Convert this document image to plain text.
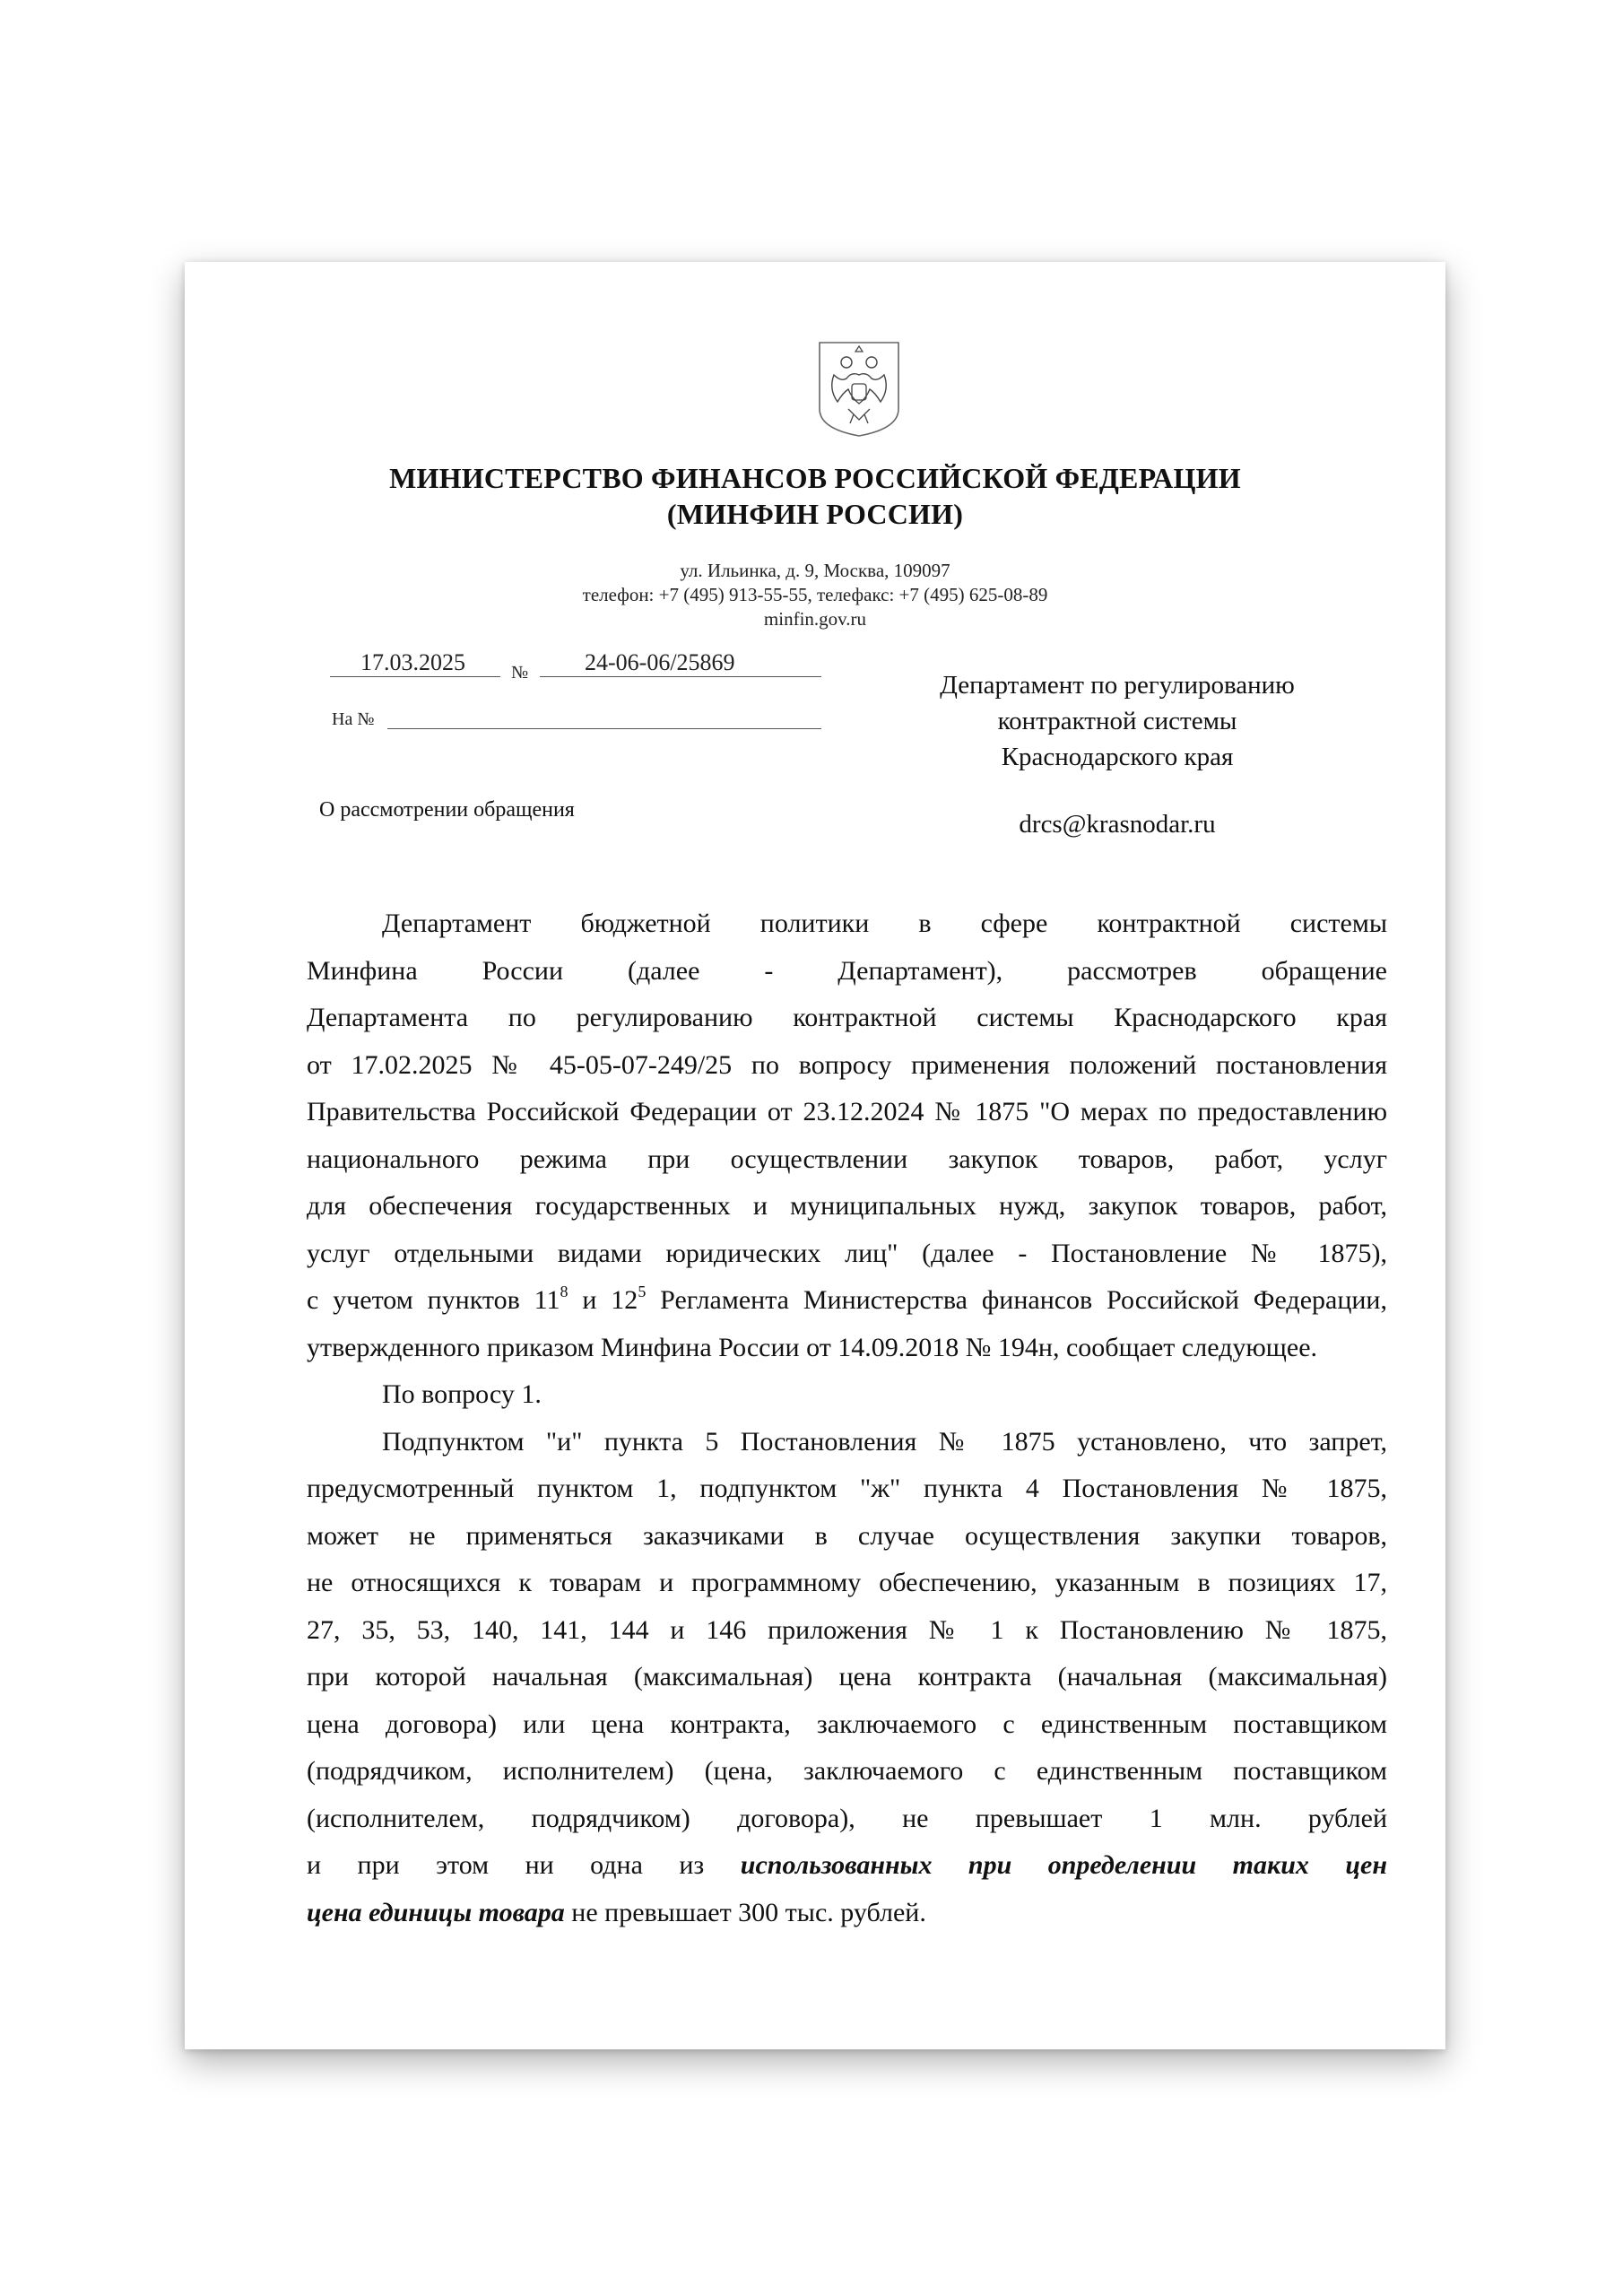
МИНИСТЕРСТВО ФИНАНСОВ РОССИЙСКОЙ ФЕДЕРАЦИИ
(МИНФИН РОССИИ)
ул. Ильинка, д. 9, Москва, 109097
телефон: +7 (495) 913-55-55, телефакс: +7 (495) 625-08-89
minfin.gov.ru
17.03.2025	№ 24-06-06/25869
На №
О рассмотрении обращения
Департамент по регулированию
контрактной системы
Краснодарского края
drcs@krasnodar.ru

Департамент бюджетной политики в сфере контрактной системы

Минфина России (далее - Департамент), рассмотрев обращение

Департамента по регулированию контрактной системы Краснодарского края

от 17.02.2025 № 45-05-07-249/25 по вопросу применения положений постановления

Правительства Российской Федерации от 23.12.2024 № 1875 "О мерах по предоставлению

национального режима при осуществлении закупок товаров, работ, услуг

для обеспечения государственных и муниципальных нужд, закупок товаров, работ,

услуг отдельными видами юридических лиц" (далее - Постановление № 1875),

с учетом пунктов $11^8$ и $12^5$ Регламента Министерства финансов Российской Федерации,

утвержденного приказом Минфина России от 14.09.2018 № 194н, сообщает следующее.

По вопросу 1.

Подпунктом "и" пункта 5 Постановления № 1875 установлено, что запрет,

предусмотренный пунктом 1, подпунктом "ж" пункта 4 Постановления № 1875,

может не применяться заказчиками в случае осуществления закупки товаров,

не относящихся к товарам и программному обеспечению, указанным в позициях 17,

27, 35, 53, 140, 141, 144 и 146 приложения № 1 к Постановлению № 1875,

при которой начальная (максимальная) цена контракта (начальная (максимальная)

цена договора) или цена контракта, заключаемого с единственным поставщиком

(подрядчиком, исполнителем) (цена, заключаемого с единственным поставщиком

(исполнителем, подрядчиком) договора), не превышает 1 млн. рублей

и при этом ни одна из использованных при определении таких цен

цена единицы товара не превышает 300 тыс. рублей.
